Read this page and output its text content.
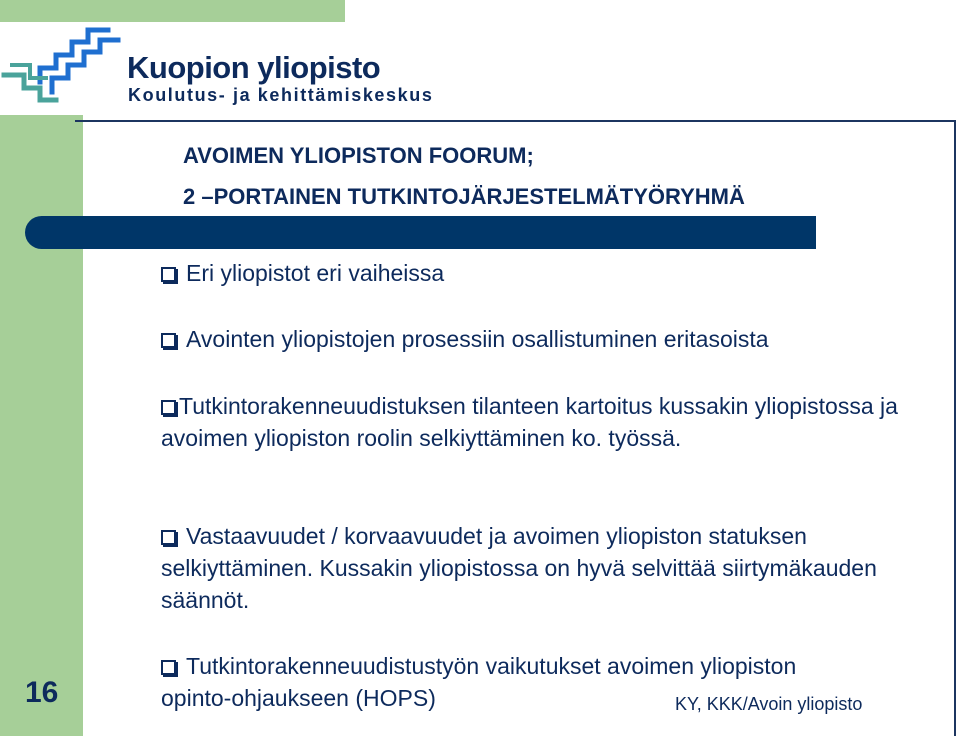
Kuopion yliopisto
Koulutus- ja kehittämiskeskus
AVOIMEN YLIOPISTON FOORUM;
2 –PORTAINEN TUTKINTOJÄRJESTELMÄTYÖRYHMÄ
Eri yliopistot eri vaiheissa
Avointen yliopistojen prosessiin osallistuminen eritasoista
Tutkintorakenneuudistuksen tilanteen kartoitus kussakin yliopistossa ja avoimen yliopiston roolin selkiyttäminen ko. työssä.
Vastaavuudet / korvaavuudet ja avoimen yliopiston statuksen selkiyttäminen. Kussakin yliopistossa on hyvä selvittää siirtymäkauden säännöt.
Tutkintorakenneuudistustyön vaikutukset avoimen yliopiston opinto-ohjaukseen (HOPS)
16	KY, KKK/Avoin yliopisto
